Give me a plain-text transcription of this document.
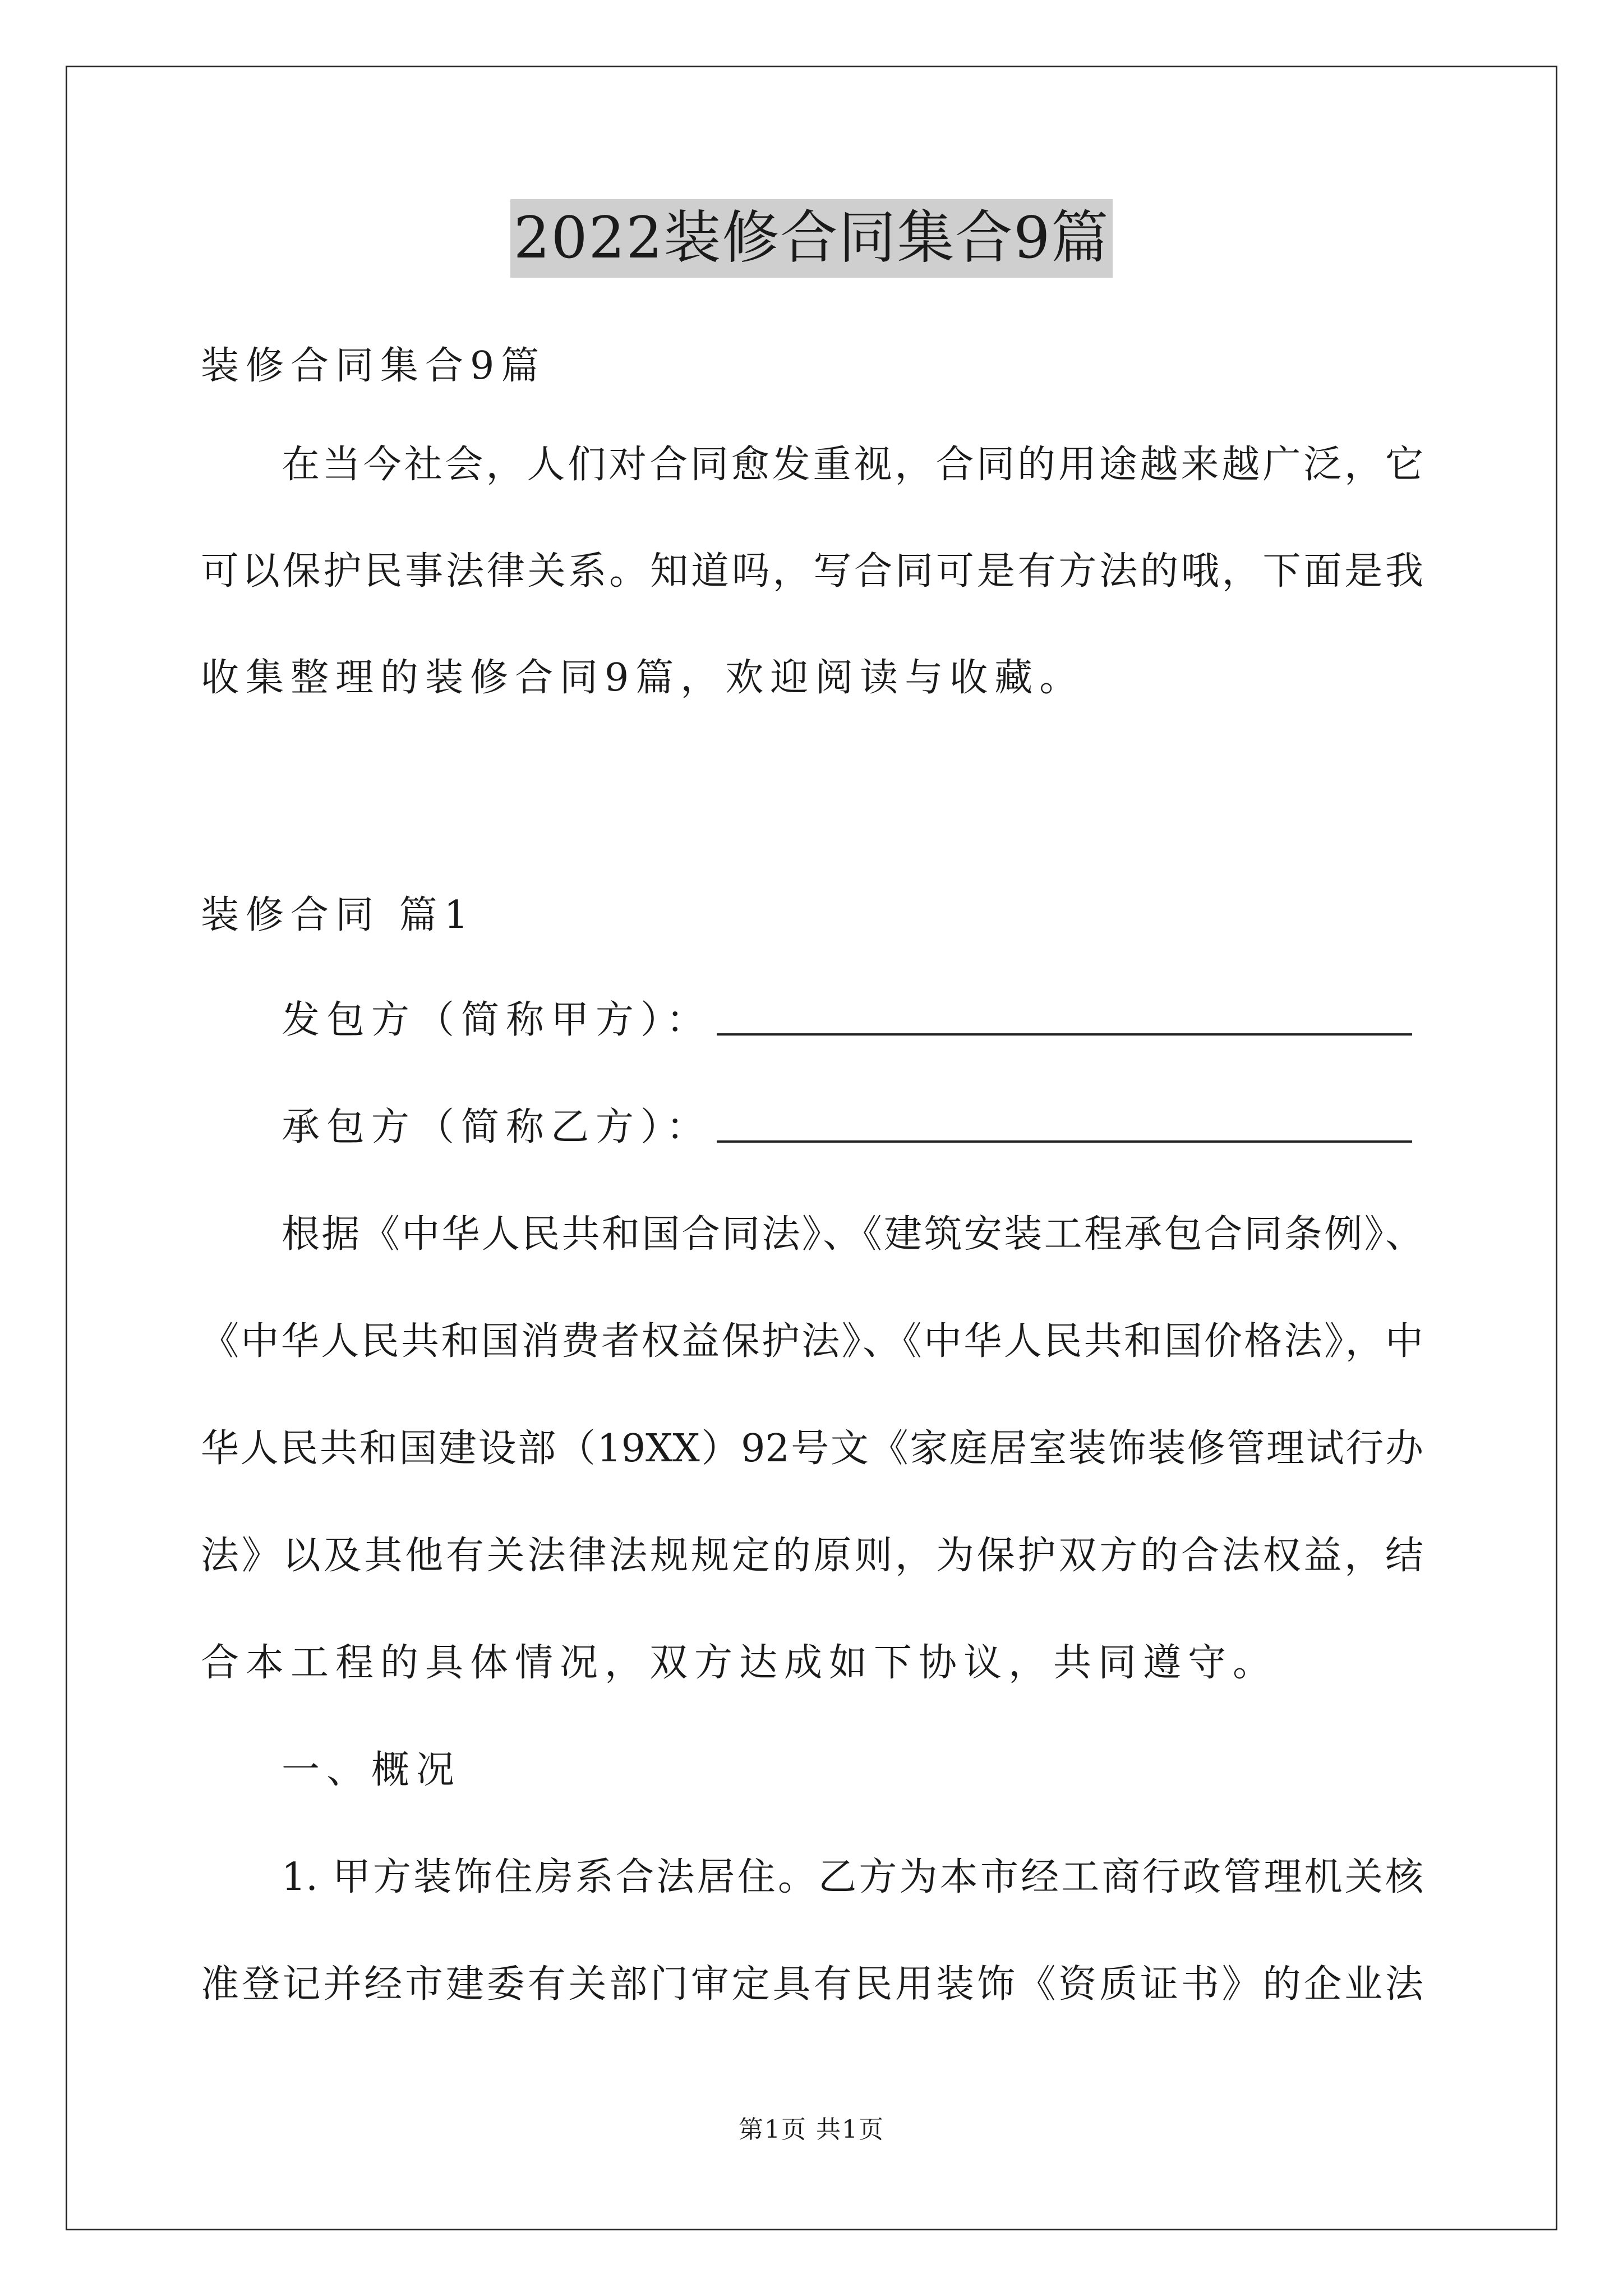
2022装修合同集合9篇
装修合同集合9篇
在当今社会，人们对合同愈发重视，合同的用途越来越广泛，它
可以保护民事法律关系。知道吗，写合同可是有方法的哦，下面是我
收集整理的装修合同9篇，欢迎阅读与收藏。
装修合同 篇1
发包方（简称甲方）：
承包方（简称乙方）：
根据《中华人民共和国合同法》、《建筑安装工程承包合同条例》、
《中华人民共和国消费者权益保护法》、《中华人民共和国价格法》，中
华人民共和国建设部（19XX）92号文《家庭居室装饰装修管理试行办
法》以及其他有关法律法规规定的原则，为保护双方的合法权益，结
合本工程的具体情况，双方达成如下协议，共同遵守。
一、概况
1. 甲方装饰住房系合法居住。乙方为本市经工商行政管理机关核
准登记并经市建委有关部门审定具有民用装饰《资质证书》的企业法
第1页 共1页
